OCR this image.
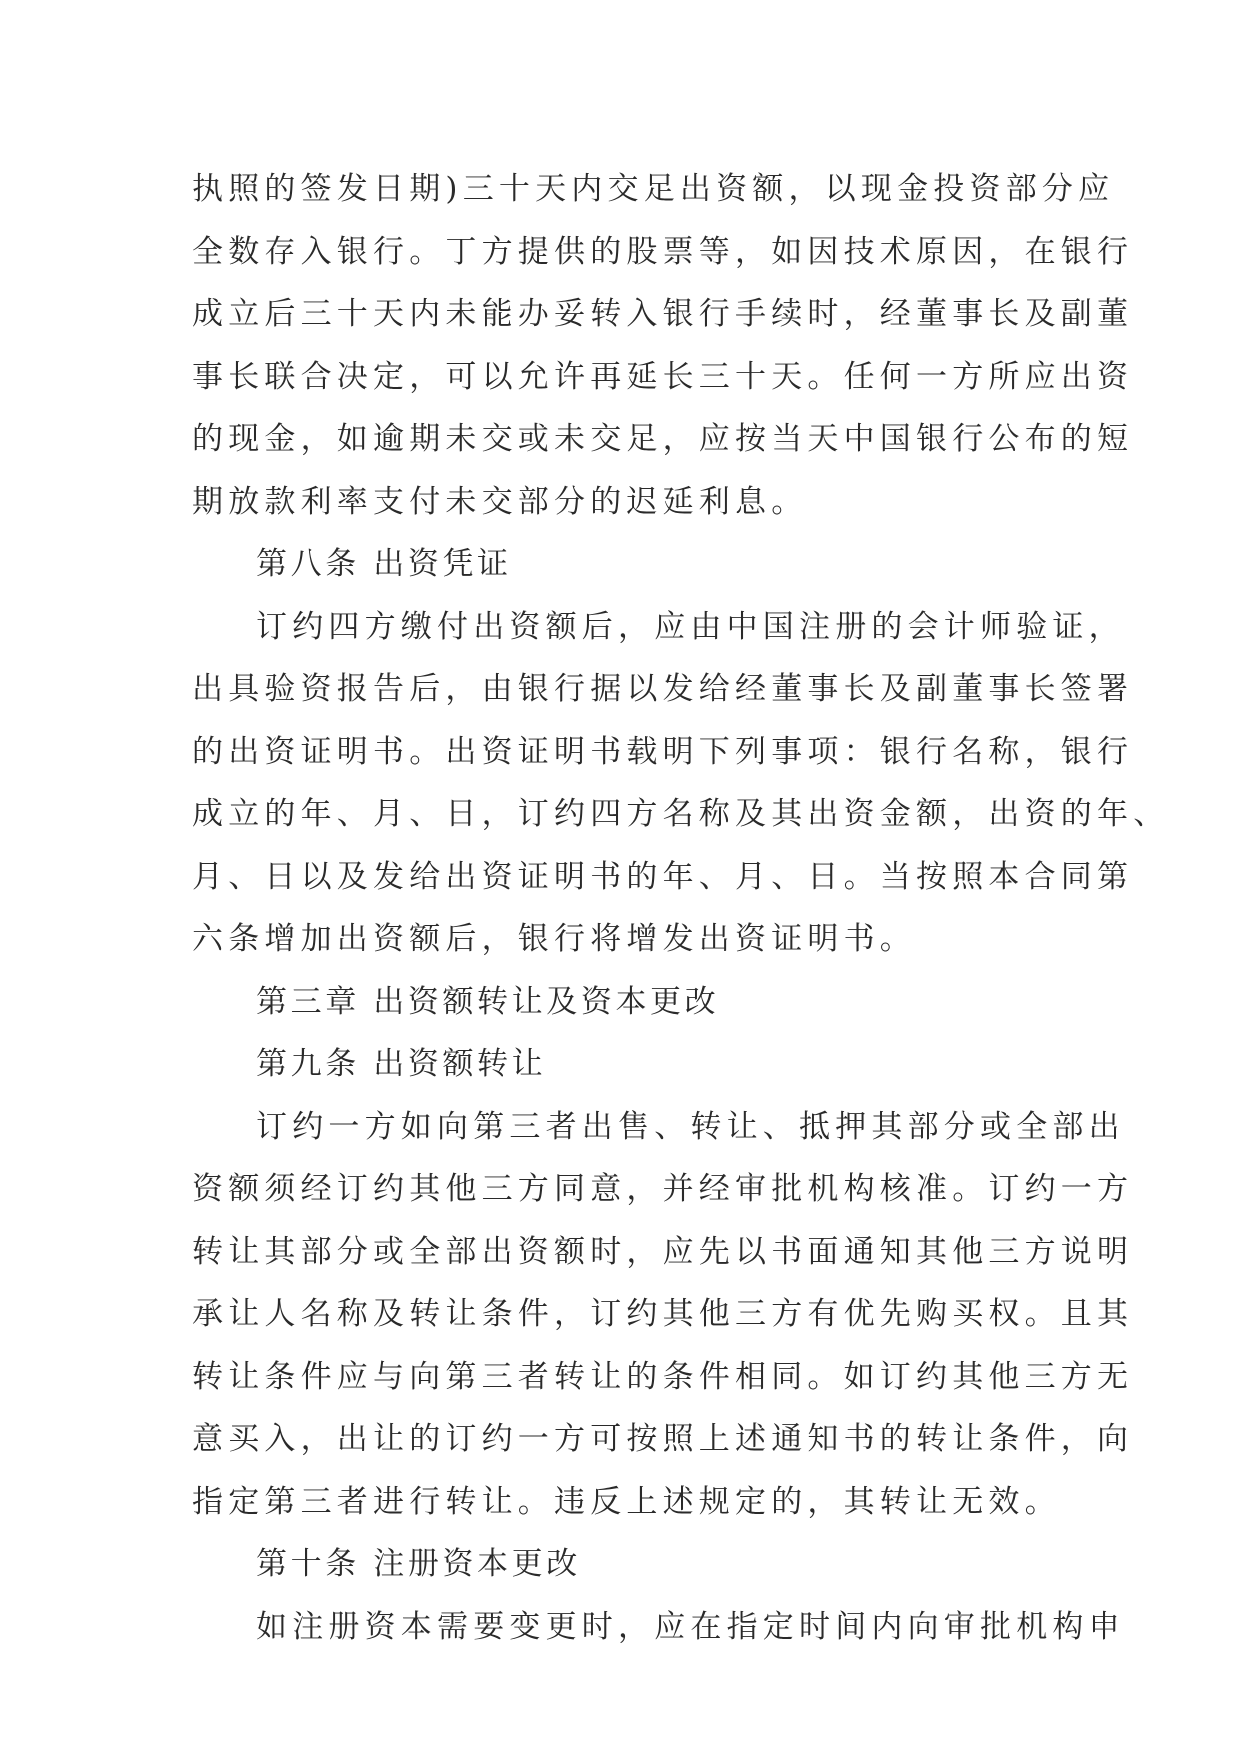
执照的签发日期)三十天内交足出资额，以现金投资部分应
全数存入银行。丁方提供的股票等，如因技术原因，在银行
成立后三十天内未能办妥转入银行手续时，经董事长及副董
事长联合决定，可以允许再延长三十天。任何一方所应出资
的现金，如逾期未交或未交足，应按当天中国银行公布的短
期放款利率支付未交部分的迟延利息。
第八条 出资凭证
订约四方缴付出资额后，应由中国注册的会计师验证，
出具验资报告后，由银行据以发给经董事长及副董事长签署
的出资证明书。出资证明书载明下列事项：银行名称，银行
成立的年、月、日，订约四方名称及其出资金额，出资的年、
月、日以及发给出资证明书的年、月、日。当按照本合同第
六条增加出资额后，银行将增发出资证明书。
第三章 出资额转让及资本更改
第九条 出资额转让
订约一方如向第三者出售、转让、抵押其部分或全部出
资额须经订约其他三方同意，并经审批机构核准。订约一方
转让其部分或全部出资额时，应先以书面通知其他三方说明
承让人名称及转让条件，订约其他三方有优先购买权。且其
转让条件应与向第三者转让的条件相同。如订约其他三方无
意买入，出让的订约一方可按照上述通知书的转让条件，向
指定第三者进行转让。违反上述规定的，其转让无效。
第十条 注册资本更改
如注册资本需要变更时，应在指定时间内向审批机构申
